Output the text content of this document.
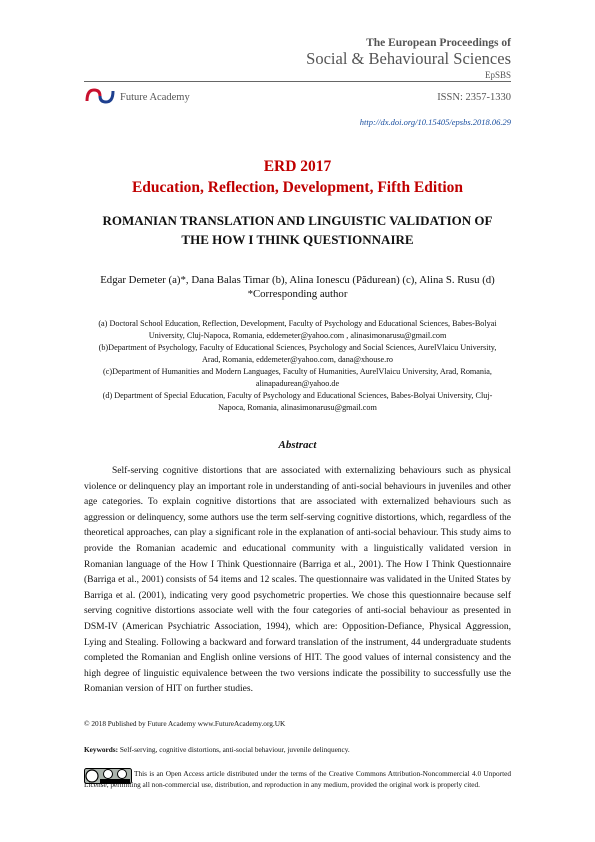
The European Proceedings of
Social & Behavioural Sciences
EpSBS
Future Academy	ISSN: 2357-1330
http://dx.doi.org/10.15405/epsbs.2018.06.29
ERD 2017
Education, Reflection, Development, Fifth Edition
ROMANIAN TRANSLATION AND LINGUISTIC VALIDATION OF
THE HOW I THINK QUESTIONNAIRE
Edgar Demeter (a)*, Dana Balas Timar (b), Alina Ionescu (Pădurean) (c), Alina S. Rusu (d)
*Corresponding author
(a) Doctoral School Education, Reflection, Development, Faculty of Psychology and Educational Sciences, Babes-Bolyai University, Cluj-Napoca, Romania, eddemeter@yahoo.com , alinasimonarusu@gmail.com
(b)Department of Psychology, Faculty of Educational Sciences, Psychology and Social Sciences, AurelVlaicu University, Arad, Romania, eddemeter@yahoo.com, dana@xhouse.ro
(c)Department of Humanities and Modern Languages, Faculty of Humanities, AurelVlaicu University, Arad, Romania, alinapadurean@yahoo.de
(d) Department of Special Education, Faculty of Psychology and Educational Sciences, Babes-Bolyai University, Cluj-Napoca, Romania, alinasimonarusu@gmail.com
Abstract
Self-serving cognitive distortions that are associated with externalizing behaviours such as physical violence or delinquency play an important role in understanding of anti-social behaviours in juveniles and other age categories. To explain cognitive distortions that are associated with externalized behaviours such as aggression or delinquency, some authors use the term self-serving cognitive distortions, which, regardless of the theoretical approaches, can play a significant role in the explanation of anti-social behaviour. This study aims to provide the Romanian academic and educational community with a linguistically validated version in Romanian language of the How I Think Questionnaire (Barriga et al., 2001). The How I Think Questionnaire (Barriga et al., 2001) consists of 54 items and 12 scales. The questionnaire was validated in the United States by Barriga et al. (2001), indicating very good psychometric properties. We chose this questionnaire because self serving cognitive distortions associate well with the four categories of anti-social behaviour as presented in DSM-IV (American Psychiatric Association, 1994), which are: Opposition-Defiance, Physical Aggression, Lying and Stealing. Following a backward and forward translation of the instrument, 44 undergraduate students completed the Romanian and English online versions of HIT. The good values of internal consistency and the high degree of linguistic equivalence between the two versions indicate the possibility to successfully use the Romanian version of HIT on further studies.
© 2018 Published by Future Academy www.FutureAcademy.org.UK
Keywords: Self-serving, cognitive distortions, anti-social behaviour, juvenile delinquency.
This is an Open Access article distributed under the terms of the Creative Commons Attribution-Noncommercial 4.0 Unported License, permitting all non-commercial use, distribution, and reproduction in any medium, provided the original work is properly cited.
